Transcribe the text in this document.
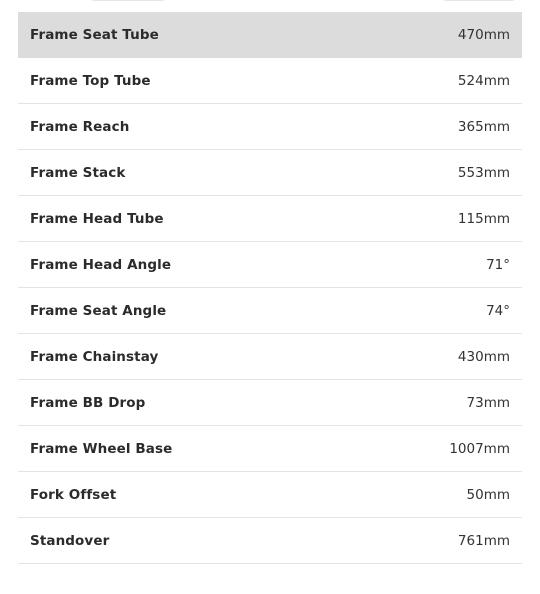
Frame Seat Tube	470mm
Frame Top Tube	524mm
Frame Reach	365mm
Frame Stack	553mm
Frame Head Tube	115mm
Frame Head Angle	71°
Frame Seat Angle	74°
Frame Chainstay	430mm
Frame BB Drop	73mm
Frame Wheel Base	1007mm
Fork Offset	50mm
Standover	761mm
